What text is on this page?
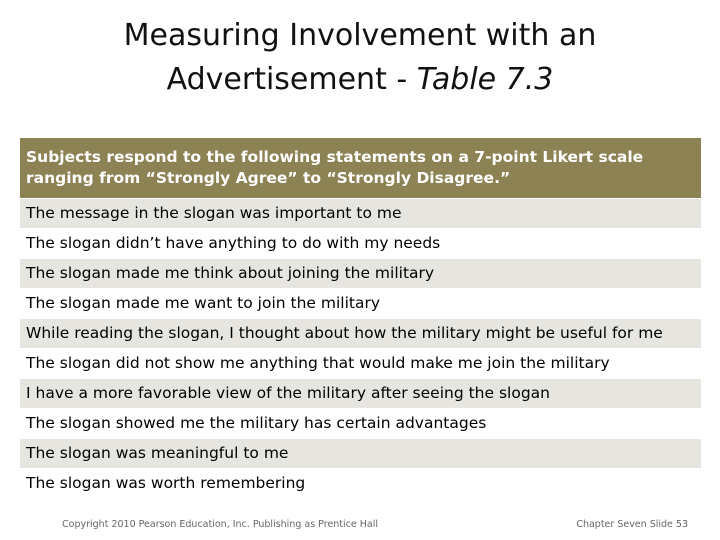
Measuring Involvement with an
Advertisement - Table 7.3
Subjects respond to the following statements on a 7-point Likert scale ranging from “Strongly Agree” to “Strongly Disagree.”
The message in the slogan was important to me
The slogan didn’t have anything to do with my needs
The slogan made me think about joining the military
The slogan made me want to join the military
While reading the slogan, I thought about how the military might be useful for me
The slogan did not show me anything that would make me join the military
I have a more favorable view of the military after seeing the slogan
The slogan showed me the military has certain advantages
The slogan was meaningful to me
The slogan was worth remembering
Copyright 2010 Pearson Education, Inc. Publishing as Prentice Hall	Chapter Seven Slide 53
